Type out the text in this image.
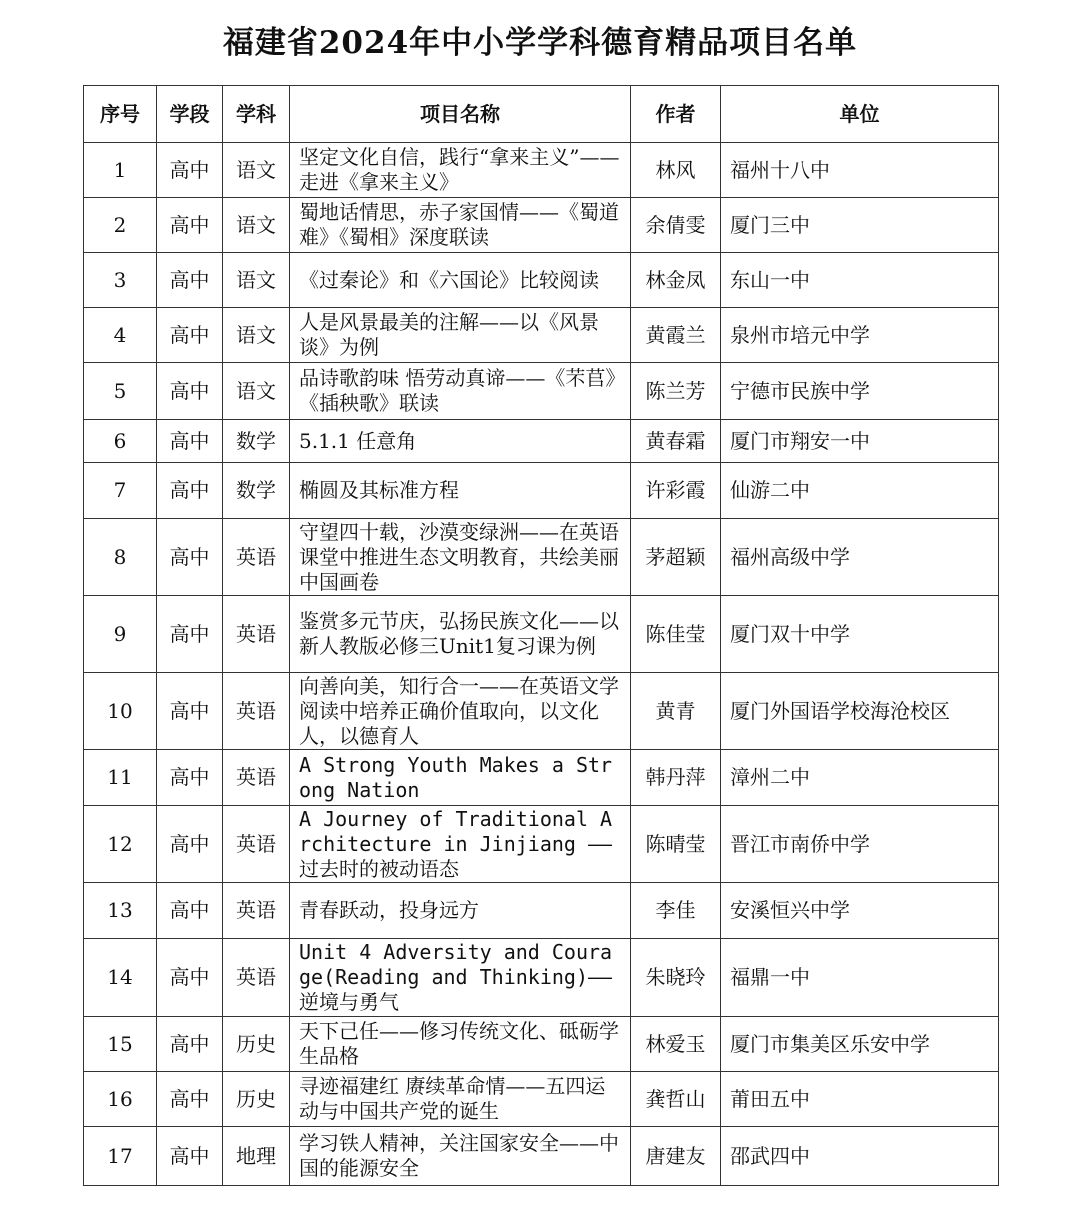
福建省2024年中小学学科德育精品项目名单
序号	学段	学科	项目名称	作者	单位
1	高中	语文	坚定文化自信，践行“拿来主义”——走进《拿来主义》	林风	福州十八中
2	高中	语文	蜀地话情思，赤子家国情——《蜀道难》《蜀相》深度联读	余倩雯	厦门三中
3	高中	语文	《过秦论》和《六国论》比较阅读	林金凤	东山一中
4	高中	语文	人是风景最美的注解——以《风景谈》为例	黄霞兰	泉州市培元中学
5	高中	语文	品诗歌韵味 悟劳动真谛——《芣苢》《插秧歌》联读	陈兰芳	宁德市民族中学
6	高中	数学	5.1.1 任意角	黄春霜	厦门市翔安一中
7	高中	数学	椭圆及其标准方程	许彩霞	仙游二中
8	高中	英语	守望四十载，沙漠变绿洲——在英语课堂中推进生态文明教育，共绘美丽中国画卷	茅超颖	福州高级中学
9	高中	英语	鉴赏多元节庆，弘扬民族文化——以新人教版必修三Unit1复习课为例	陈佳莹	厦门双十中学
10	高中	英语	向善向美，知行合一——在英语文学阅读中培养正确价值取向，以文化人，以德育人	黄青	厦门外国语学校海沧校区
11	高中	英语	A Strong Youth Makes a Strong Nation	韩丹萍	漳州二中
12	高中	英语	A Journey of Traditional Architecture in Jinjiang ——过去时的被动语态	陈晴莹	晋江市南侨中学
13	高中	英语	青春跃动，投身远方	李佳	安溪恒兴中学
14	高中	英语	Unit 4 Adversity and Courage(Reading and Thinking)——逆境与勇气	朱晓玲	福鼎一中
15	高中	历史	天下己任——修习传统文化、砥砺学生品格	林爱玉	厦门市集美区乐安中学
16	高中	历史	寻迹福建红 赓续革命情——五四运动与中国共产党的诞生	龚哲山	莆田五中
17	高中	地理	学习铁人精神，关注国家安全——中国的能源安全	唐建友	邵武四中
